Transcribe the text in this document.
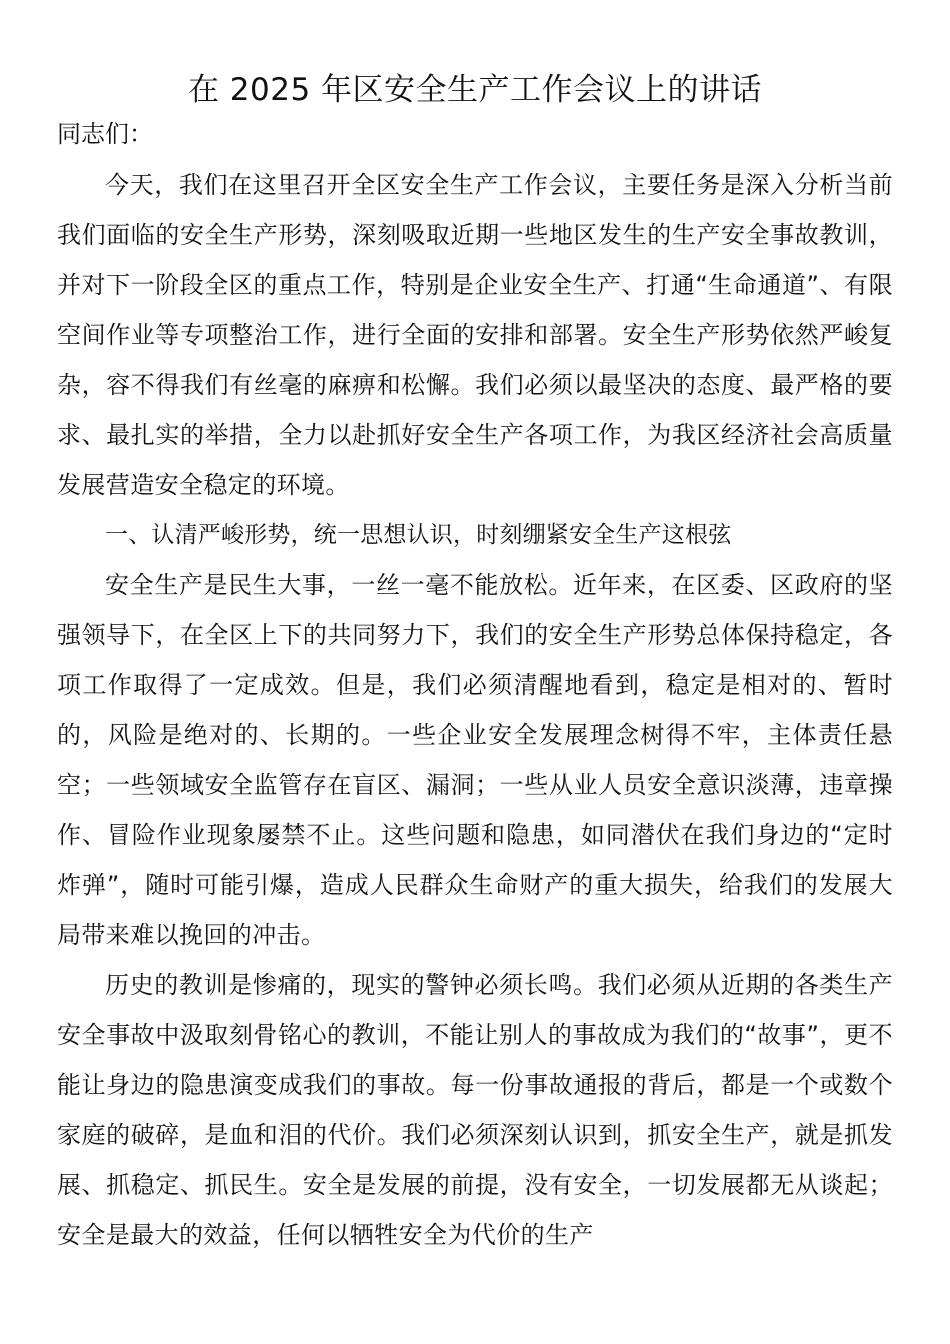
在 2025 年区安全生产工作会议上的讲话

同志们：

今天，我们在这里召开全区安全生产工作会议，主要任务是深入分析当前我们面临的安全生产形势，深刻吸取近期一些地区发生的生产安全事故教训，并对下一阶段全区的重点工作，特别是企业安全生产、打通“生命通道”、有限空间作业等专项整治工作，进行全面的安排和部署。安全生产形势依然严峻复杂，容不得我们有丝毫的麻痹和松懈。我们必须以最坚决的态度、最严格的要求、最扎实的举措，全力以赴抓好安全生产各项工作，为我区经济社会高质量发展营造安全稳定的环境。

一、认清严峻形势，统一思想认识，时刻绷紧安全生产这根弦

安全生产是民生大事，一丝一毫不能放松。近年来，在区委、区政府的坚强领导下，在全区上下的共同努力下，我们的安全生产形势总体保持稳定，各项工作取得了一定成效。但是，我们必须清醒地看到，稳定是相对的、暂时的，风险是绝对的、长期的。一些企业安全发展理念树得不牢，主体责任悬空；一些领域安全监管存在盲区、漏洞；一些从业人员安全意识淡薄，违章操作、冒险作业现象屡禁不止。这些问题和隐患，如同潜伏在我们身边的“定时炸弹”，随时可能引爆，造成人民群众生命财产的重大损失，给我们的发展大局带来难以挽回的冲击。

历史的教训是惨痛的，现实的警钟必须长鸣。我们必须从近期的各类生产安全事故中汲取刻骨铭心的教训，不能让别人的事故成为我们的“故事”，更不能让身边的隐患演变成我们的事故。每一份事故通报的背后，都是一个或数个家庭的破碎，是血和泪的代价。我们必须深刻认识到，抓安全生产，就是抓发展、抓稳定、抓民生。安全是发展的前提，没有安全，一切发展都无从谈起；安全是最大的效益，任何以牺牲安全为代价的生产
